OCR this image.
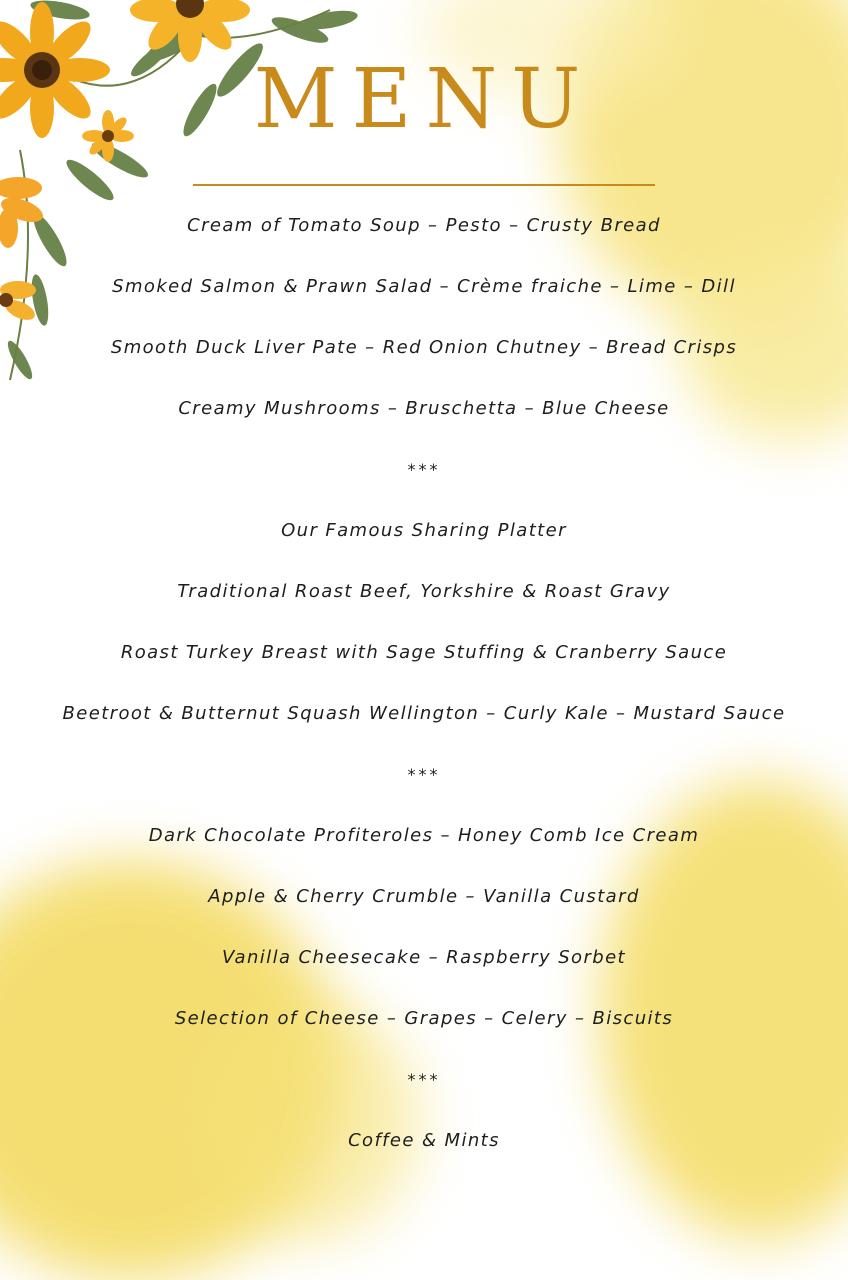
MENU
Cream of Tomato Soup – Pesto – Crusty Bread
Smoked Salmon & Prawn Salad – Crème fraiche – Lime – Dill
Smooth Duck Liver Pate – Red Onion Chutney – Bread Crisps
Creamy Mushrooms – Bruschetta – Blue Cheese
***
Our Famous Sharing Platter
Traditional Roast Beef, Yorkshire & Roast Gravy
Roast Turkey Breast with Sage Stuffing & Cranberry Sauce
Beetroot & Butternut Squash Wellington – Curly Kale – Mustard Sauce
***
Dark Chocolate Profiteroles – Honey Comb Ice Cream
Apple & Cherry Crumble – Vanilla Custard
Vanilla Cheesecake – Raspberry Sorbet
Selection of Cheese – Grapes – Celery – Biscuits
***
Coffee & Mints
